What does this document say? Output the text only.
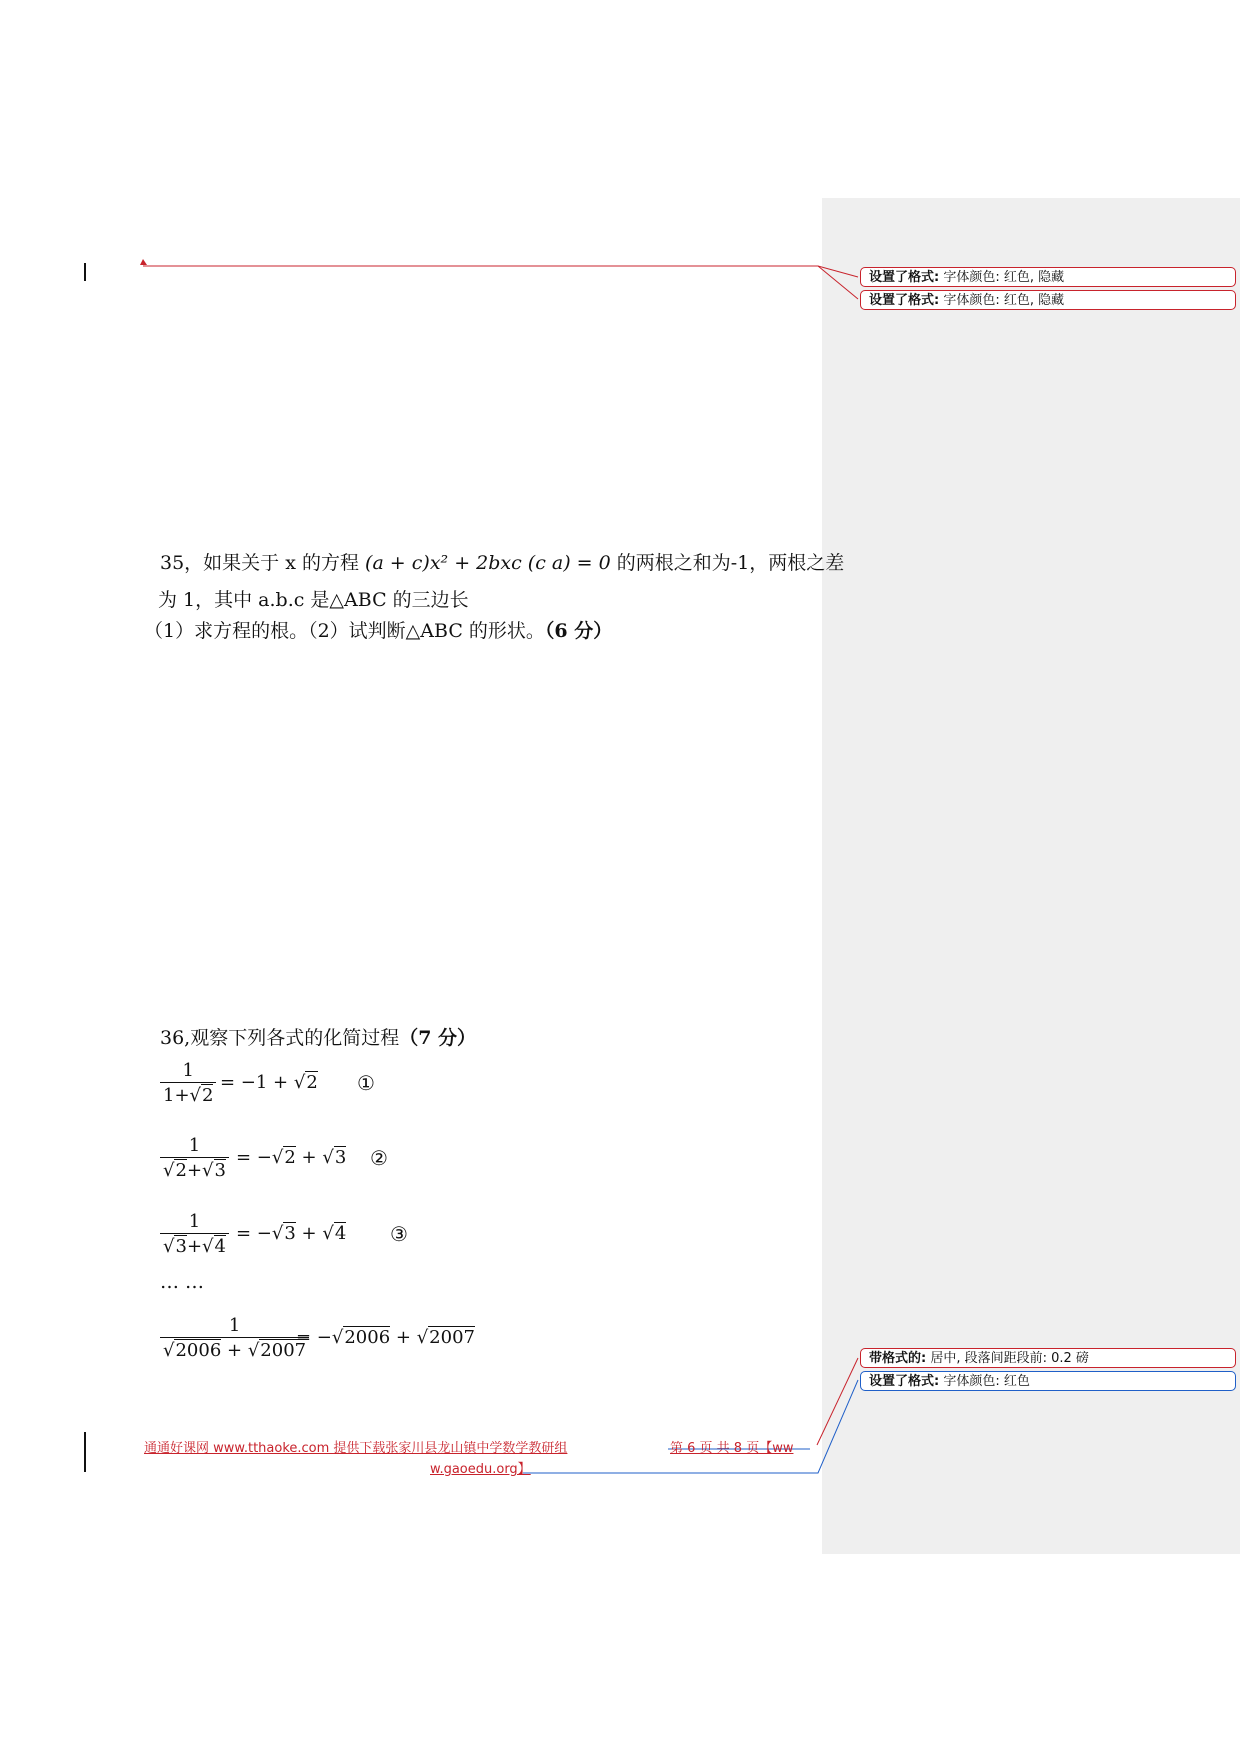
设置了格式: 字体颜色: 红色, 隐藏
设置了格式: 字体颜色: 红色, 隐藏
带格式的: 居中, 段落间距段前: 0.2 磅
设置了格式: 字体颜色: 红色
35，如果关于 x 的方程 (a + c)x² + 2bxc (c a) = 0 的两根之和为-1，两根之差
为 1，其中 a.b.c 是△ABC 的三边长
（1）求方程的根。（2）试判断△ABC 的形状。（6 分）
36,观察下列各式的化简过程（7 分）
$\frac{1}{1+√2} = -1 + √2$ ①
$\frac{1}{√2+√3} = -√2 + √3$ ②
$\frac{1}{√3+√4} = -√3 + √4$ ③
… …
$\frac{1}{√2006 + √2007}$
= −√2006 + √2007
通通好课网 www.tthaoke.com 提供下载张家川县龙山镇中学数学教研组	第 6 页 共 8 页【ww
w.gaoedu.org】
